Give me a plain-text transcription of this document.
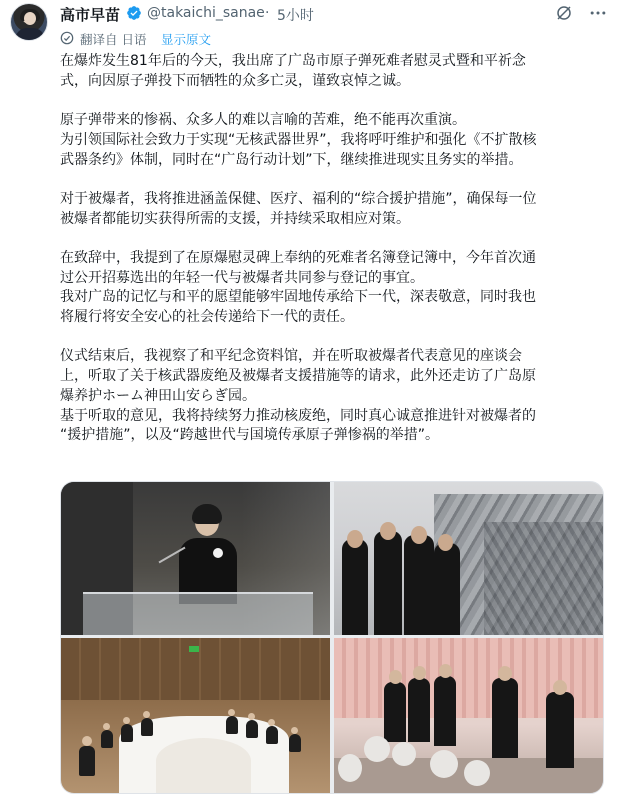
高市早苗 @takaichi_sanae · 5小时
翻译自 日语 显示原文
在爆炸发生81年后的今天，我出席了广岛市原子弹死难者慰灵式暨和平祈念
式，向因原子弹投下而牺牲的众多亡灵，谨致哀悼之诚。
原子弹带来的惨祸、众多人的难以言喻的苦难，绝不能再次重演。
为引领国际社会致力于实现“无核武器世界”，我将呼吁维护和强化《不扩散核
武器条约》体制，同时在“广岛行动计划”下，继续推进现实且务实的举措。
对于被爆者，我将推进涵盖保健、医疗、福利的“综合援护措施”，确保每一位
被爆者都能切实获得所需的支援，并持续采取相应对策。
在致辞中，我提到了在原爆慰灵碑上奉纳的死难者名簿登记簿中，今年首次通
过公开招募选出的年轻一代与被爆者共同参与登记的事宜。
我对广岛的记忆与和平的愿望能够牢固地传承给下一代，深表敬意，同时我也
将履行将安全安心的社会传递给下一代的责任。
仪式结束后，我视察了和平纪念资料馆，并在听取被爆者代表意见的座谈会
上，听取了关于核武器废绝及被爆者支援措施等的请求，此外还走访了广岛原
爆养护ホーム神田山安らぎ园。
基于听取的意见，我将持续努力推动核废绝，同时真心诚意推进针对被爆者的
“援护措施”，以及“跨越世代与国境传承原子弹惨祸的举措”。
